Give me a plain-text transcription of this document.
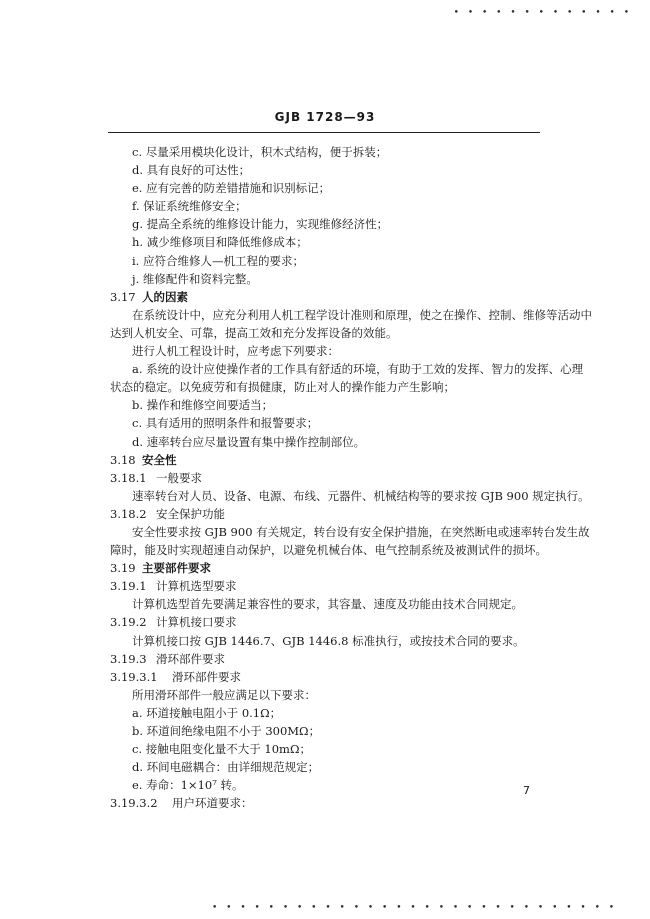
• • • • • • • • • • • • •
GJB 1728—93
c. 尽量采用模块化设计，积木式结构，便于拆装；
d. 具有良好的可达性；
e. 应有完善的防差错措施和识别标记；
f. 保证系统维修安全；
g. 提高全系统的维修设计能力，实现维修经济性；
h. 减少维修项目和降低维修成本；
i. 应符合维修人—机工程的要求；
j. 维修配件和资料完整。
3.17 人的因素
在系统设计中，应充分利用人机工程学设计准则和原理，使之在操作、控制、维修等活动中
达到人机安全、可靠，提高工效和充分发挥设备的效能。
进行人机工程设计时，应考虑下列要求：
a. 系统的设计应使操作者的工作具有舒适的环境，有助于工效的发挥、智力的发挥、心理
状态的稳定。以免疲劳和有损健康，防止对人的操作能力产生影响；
b. 操作和维修空间要适当；
c. 具有适用的照明条件和报警要求；
d. 速率转台应尽量设置有集中操作控制部位。
3.18 安全性
3.18.1 一般要求
速率转台对人员、设备、电源、布线、元器件、机械结构等的要求按 GJB 900 规定执行。
3.18.2 安全保护功能
安全性要求按 GJB 900 有关规定，转台设有安全保护措施，在突然断电或速率转台发生故
障时，能及时实现超速自动保护，以避免机械台体、电气控制系统及被测试件的损坏。
3.19 主要部件要求
3.19.1 计算机选型要求
计算机选型首先要满足兼容性的要求，其容量、速度及功能由技术合同规定。
3.19.2 计算机接口要求
计算机接口按 GJB 1446.7、GJB 1446.8 标准执行，或按技术合同的要求。
3.19.3 滑环部件要求
3.19.3.1 滑环部件要求
所用滑环部件一般应满足以下要求：
a. 环道接触电阻小于 0.1Ω；
b. 环道间绝缘电阻不小于 300MΩ；
c. 接触电阻变化量不大于 10mΩ；
d. 环间电磁耦合：由详细规范规定；
e. 寿命：1×10⁷ 转。
3.19.3.2 用户环道要求：
7
• • • • • • • • • • • • • • • • • • • • • • • • • • • • •
